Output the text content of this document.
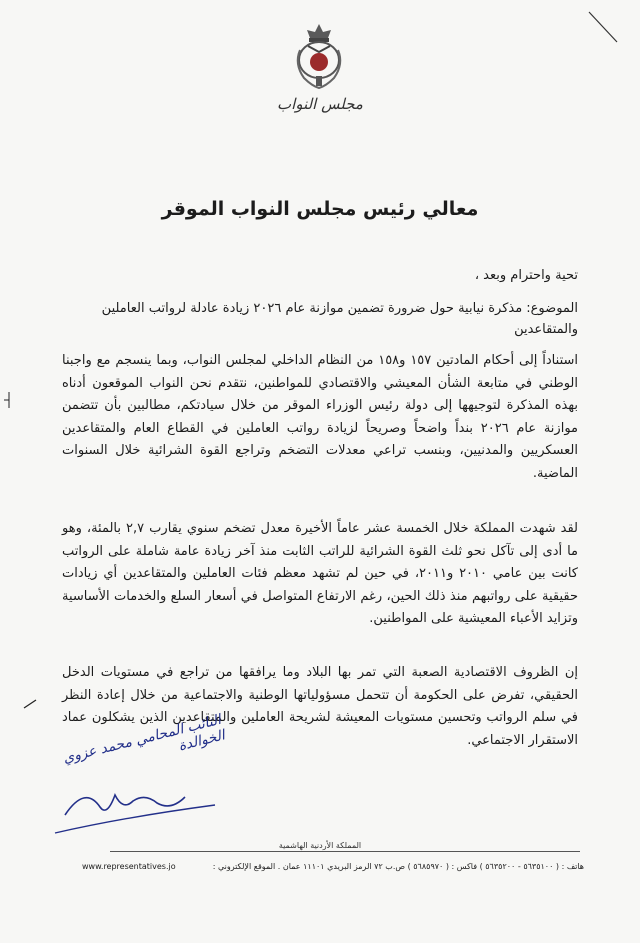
مجلس النواب
معالي رئيس مجلس النواب الموقر
تحية واحترام وبعد ،
الموضوع: مذكرة نيابية حول ضرورة تضمين موازنة عام ٢٠٢٦ زيادة عادلة لرواتب العاملين والمتقاعدين

استناداً إلى أحكام المادتين ١٥٧ و١٥٨ من النظام الداخلي لمجلس النواب، وبما ينسجم مع واجبنا الوطني في متابعة الشأن المعيشي والاقتصادي للمواطنين، نتقدم نحن النواب الموقعون أدناه بهذه المذكرة لتوجيهها إلى دولة رئيس الوزراء الموقر من خلال سيادتكم، مطالبين بأن تتضمن موازنة عام ٢٠٢٦ بنداً واضحاً وصريحاً لزيادة رواتب العاملين في القطاع العام والمتقاعدين العسكريين والمدنيين، وبنسب تراعي معدلات التضخم وتراجع القوة الشرائية خلال السنوات الماضية.

لقد شهدت المملكة خلال الخمسة عشر عاماً الأخيرة معدل تضخم سنوي يقارب ٢,٧ بالمئة، وهو ما أدى إلى تآكل نحو ثلث القوة الشرائية للراتب الثابت منذ آخر زيادة عامة شاملة على الرواتب كانت بين عامي ٢٠١٠ و٢٠١١، في حين لم تشهد معظم فئات العاملين والمتقاعدين أي زيادات حقيقية على رواتبهم منذ ذلك الحين، رغم الارتفاع المتواصل في أسعار السلع والخدمات الأساسية وتزايد الأعباء المعيشية على المواطنين.

إن الظروف الاقتصادية الصعبة التي تمر بها البلاد وما يرافقها من تراجع في مستويات الدخل الحقيقي، تفرض على الحكومة أن تتحمل مسؤولياتها الوطنية والاجتماعية من خلال إعادة النظر في سلم الرواتب وتحسين مستويات المعيشة لشريحة العاملين والمتقاعدين الذين يشكلون عماد الاستقرار الاجتماعي.

النائب المحامي محمد عزوي الخوالدة
المملكة الأردنية الهاشمية
هاتف : ( ٥٦٣٥١٠٠ - ٥٦٣٥٢٠٠ ) فاكس : ( ٥٦٨٥٩٧٠ ) ص.ب ٧٢ الرمز البريدي ١١١٠١ عمان . الموقع الإلكتروني :
www.representatives.jo
